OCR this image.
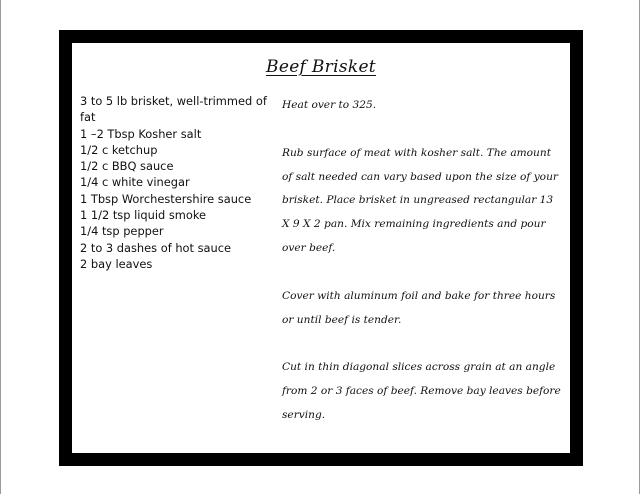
Beef Brisket
3 to 5 lb brisket, well-trimmed of fat
1 –2 Tbsp Kosher salt
1/2 c ketchup
1/2 c BBQ sauce
1/4 c white vinegar
1 Tbsp Worchestershire sauce
1 1/2 tsp liquid smoke
1/4 tsp pepper
2 to 3 dashes of hot sauce
2 bay leaves

Heat over to 325.

Rub surface of meat with kosher salt. The amount of salt needed can vary based upon the size of your brisket. Place brisket in ungreased rectangular 13 X 9 X 2 pan. Mix remaining ingredients and pour over beef.

Cover with aluminum foil and bake for three hours or until beef is tender.

Cut in thin diagonal slices across grain at an angle from 2 or 3 faces of beef. Remove bay leaves before serving.
